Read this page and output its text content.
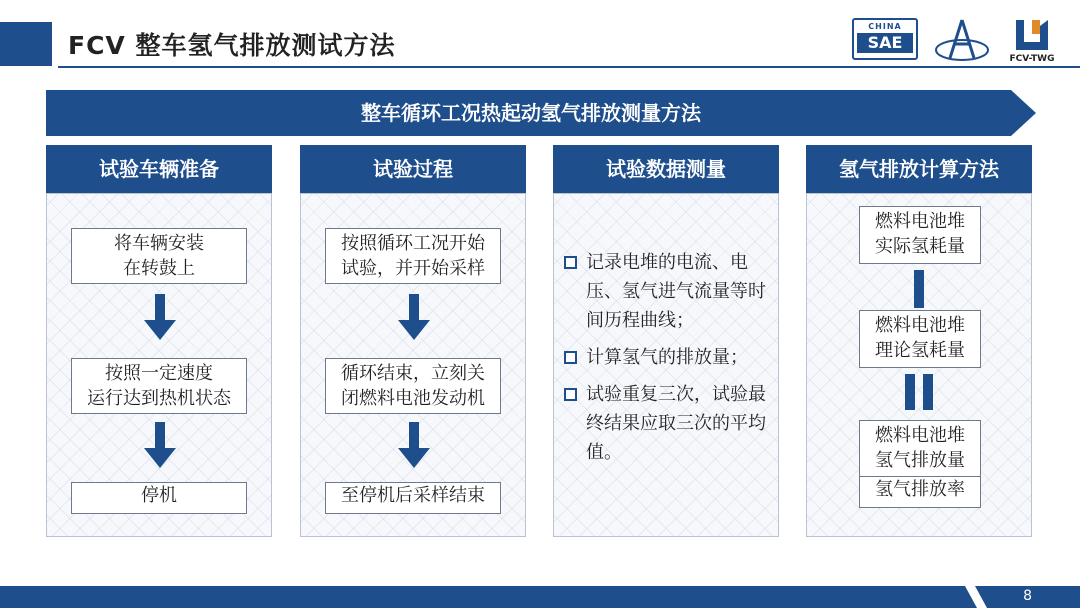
FCV 整车氢气排放测试方法
CHINA
SAE
FCV-TWG
整车循环工况热起动氢气排放测量方法
试验车辆准备
将车辆安装
在转鼓上
按照一定速度
运行达到热机状态
停机
试验过程
按照循环工况开始
试验，并开始采样
循环结束，立刻关
闭燃料电池发动机
至停机后采样结束
试验数据测量
记录电堆的电流、电压、氢气进气流量等时间历程曲线；
计算氢气的排放量；
试验重复三次，试验最终结果应取三次的平均值。
氢气排放计算方法
燃料电池堆
实际氢耗量
燃料电池堆
理论氢耗量
燃料电池堆
氢气排放量
氢气排放率
8
